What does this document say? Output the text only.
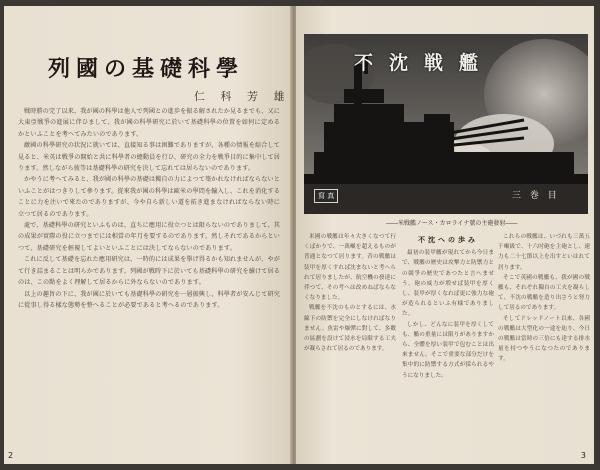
列國の基礎科學
仁 科 芳 雄

戦時勝の完了以来、我が國の科學は他人で列國との進歩を振る解されたか見るまでも、又に大東亞戦爭の進展に伴ひまして、我が國の科學研究に於いて基礎科學の位置を如何に定めるかといふことを考へてみたいのであります。

敵國の科學研究の状況に就いては、直接知る事は困難でありますが、各種の情報を綜合して見ると、米英は戦爭の開始と共に科學者の總動員を行ひ、研究の全力を戦爭目的に集中して居ります。然しながら彼等は基礎科學の研究を決して忘れては居らないのであります。

かやうに考へてみると、我が國の科學の基礎は獨自の力によつて築かれなければならないといふことがはつきりして參ります。從來我が國の科學は歐米の學問を輸入し、これを消化することに力を注いで來たのでありますが、今や自ら新しい道を拓き進まなければならない時に立つて居るのであります。

處で、基礎科學の研究といふものは、直ちに應用に役立つとは限らないのでありまして、其の成果が實際の役に立つまでには相當の年月を要するのであります。然しそれであるからといつて、基礎研究を輕視してよいといふことには決してならないのであります。

これに反して基礎を忘れた應用研究は、一時的には成果を擧げ得るかも知れませんが、やがて行き詰まることは明らかであります。列國が戦時下に於いても基礎科學の研究を續けて居るのは、この點をよく理解して居るからに外ならないのであります。

以上の趣旨の下に、我が國に於いても基礎科學の研究を一層振興し、科學者が安んじて研究に從事し得る樣な態勢を整へることが必要であると考へるのであります。

2
不沈戦艦
寫 真	三 巻 目
――米戦艦ノース・カロライナ號の主砲發射――

米國の戦艦は年々大きくなつて行くばかりで、一萬噸を超えるものが普通となつて居ります。昔の戦艦は装甲を厚くすれば沈まないと考へられて居りましたが、航空機の發達に伴つて、その考へは改めねばならなくなりました。

戦艦を不沈のものとするには、水線下の防禦を完全にしなければなりません。魚雷や爆彈に對して、多數の區劃を設けて浸水を局限する工夫が凝らされて居るのであります。

不沈への歩み

最初の装甲艦が現れてから今日まで、戦艦の歴史は攻撃力と防禦力との競爭の歴史であつたと言へませう。砲の威力が増せば装甲を厚くし、装甲が厚くなれば更に強力な砲が造られるといふ有様でありました。

しかし、どんなに装甲を厚くしても、艦の重量には限りがありますから、全體を厚い装甲で包むことは出來ません。そこで重要な部分だけを集中的に防禦する方式が採られるやうになりました。

これらの戦艦は、いづれも三萬五千噸級で、十六吋砲を主砲とし、速力も二十七節以上を出すといはれて居ります。

そこで英國の戦艦も、我が國の戦艦も、それぞれ獨自の工夫を凝らして、不沈の戦艦を造り出さうと努力して居るのであります。

そしてドレッドノート以來、各國の戦艦は大型化の一途を辿り、今日の戦艦は當時の三倍にも達する排水量を持つやうになつたのであります。

3
